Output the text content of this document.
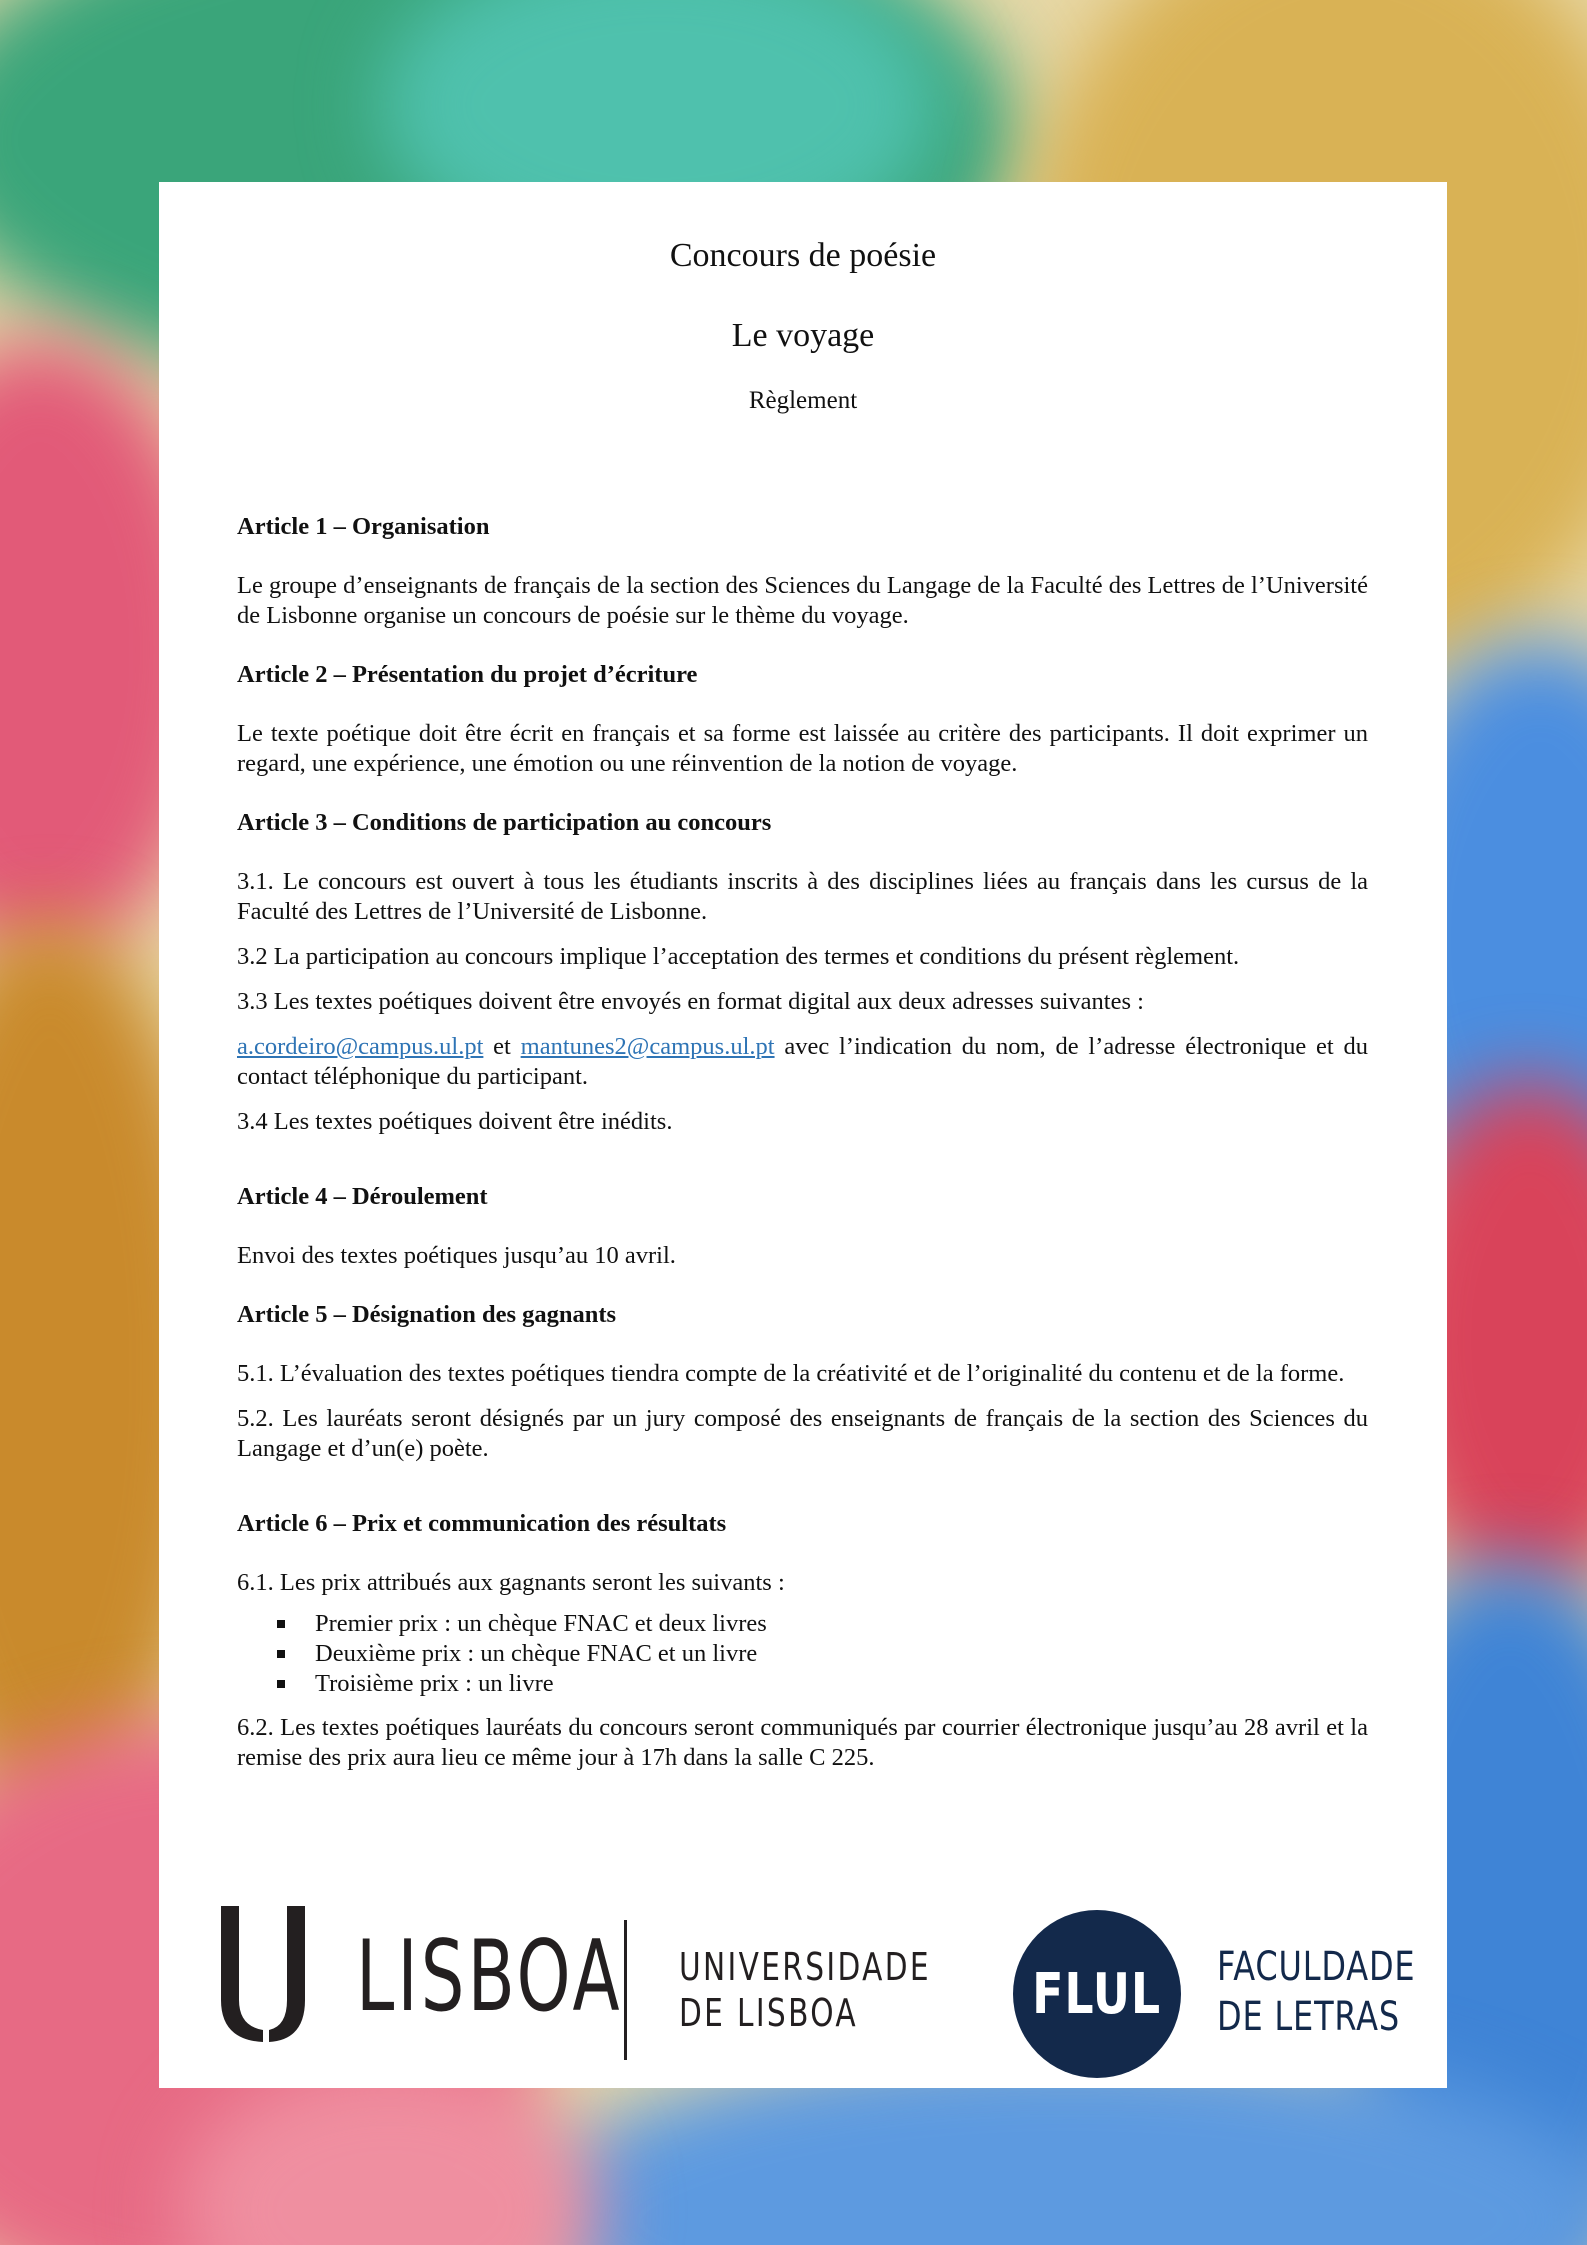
Concours de poésie
Le voyage
Règlement
Article 1 – Organisation

Le groupe d’enseignants de français de la section des Sciences du Langage de la Faculté des Lettres de l’Université de Lisbonne organise un concours de poésie sur le thème du voyage.

Article 2 – Présentation du projet d’écriture

Le texte poétique doit être écrit en français et sa forme est laissée au critère des participants. Il doit exprimer un regard, une expérience, une émotion ou une réinvention de la notion de voyage.

Article 3 – Conditions de participation au concours

3.1. Le concours est ouvert à tous les étudiants inscrits à des disciplines liées au français dans les cursus de la Faculté des Lettres de l’Université de Lisbonne.

3.2 La participation au concours implique l’acceptation des termes et conditions du présent règlement.

3.3 Les textes poétiques doivent être envoyés en format digital aux deux adresses suivantes :

a.cordeiro@campus.ul.pt et mantunes2@campus.ul.pt avec l’indication du nom, de l’adresse électronique et du contact téléphonique du participant.

3.4 Les textes poétiques doivent être inédits.

Article 4 – Déroulement

Envoi des textes poétiques jusqu’au 10 avril.

Article 5 – Désignation des gagnants

5.1. L’évaluation des textes poétiques tiendra compte de la créativité et de l’originalité du contenu et de la forme.

5.2. Les lauréats seront désignés par un jury composé des enseignants de français de la section des Sciences du Langage et d’un(e) poète.

Article 6 – Prix et communication des résultats

6.1. Les prix attribués aux gagnants seront les suivants :

Premier prix : un chèque FNAC et deux livres
Deuxième prix : un chèque FNAC et un livre
Troisième prix : un livre

6.2. Les textes poétiques lauréats du concours seront communiqués par courrier électronique jusqu’au 28 avril et la remise des prix aura lieu ce même jour à 17h dans la salle C 225.

LISBOA UNIVERSIDADE
DE LISBOA	FLUL FACULDADE
DE LETRAS
